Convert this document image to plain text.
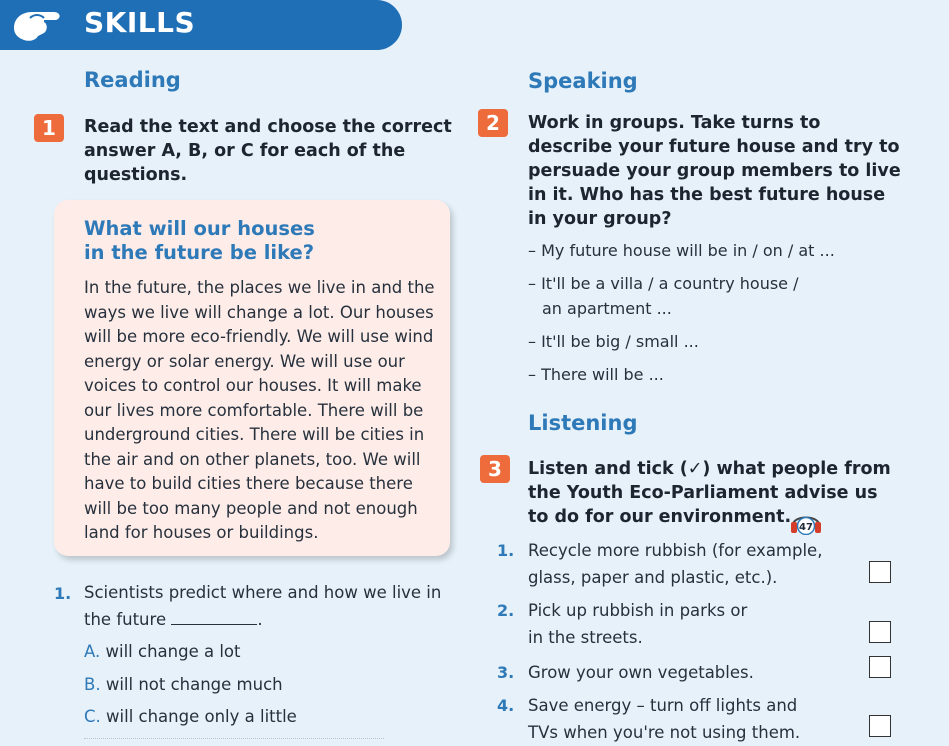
SKILLS
Reading
1	Read the text and choose the correct answer A, B, or C for each of the questions.
What will our houses
in the future be like?
In the future, the places we live in and the ways we live will change a lot. Our houses will be more eco-friendly. We will use wind energy or solar energy. We will use our voices to control our houses. It will make our lives more comfortable. There will be underground cities. There will be cities in the air and on other planets, too. We will have to build cities there because there will be too many people and not enough land for houses or buildings.
1. Scientists predict where and how we live in
the future	.
A. will change a lot
B. will not change much
C. will change only a little
Speaking
2	Work in groups. Take turns to describe your future house and try to persuade your group members to live in it. Who has the best future house in your group?
– My future house will be in / on / at ...
– It'll be a villa / a country house /
an apartment ...
– It'll be big / small ...
– There will be ...
Listening
3	Listen and tick (✓) what people from
the Youth Eco-Parliament advise us
to do for our environment.
47
1. Recycle more rubbish (for example,
glass, paper and plastic, etc.).
2. Pick up rubbish in parks or
in the streets.
3. Grow your own vegetables.
4. Save energy – turn off lights and
TVs when you're not using them.
